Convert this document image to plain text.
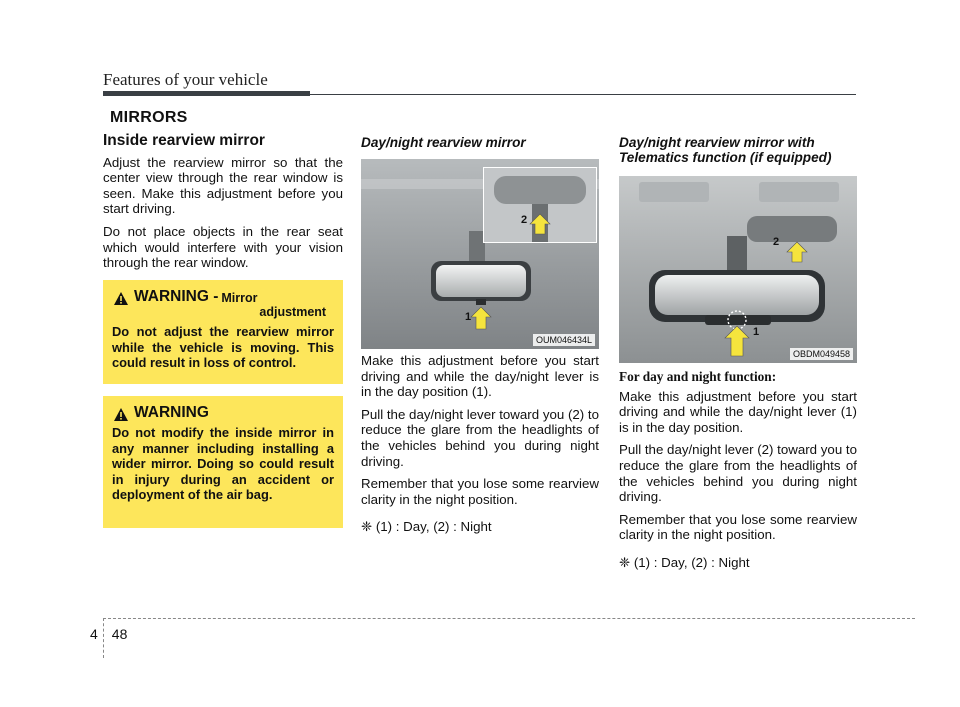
Features of your vehicle
MIRRORS
Inside rearview mirror

Adjust the rearview mirror so that the center view through the rear window is seen. Make this adjustment before you start driving.

Do not place objects in the rear seat which would interfere with your vision through the rear window.

WARNING - Mirror
adjustment
Do not adjust the rearview mirror while the vehicle is moving. This could result in loss of control.
WARNING
Do not modify the inside mirror in any manner including installing a wider mirror. Doing so could result in injury during an accident or deployment of the air bag.
Day/night rearview mirror
2
1
OUM046434L

Make this adjustment before you start driving and while the day/night lever is in the day position (1).

Pull the day/night lever toward you (2) to reduce the glare from the headlights of the vehicles behind you during night driving.

Remember that you lose some rearview clarity in the night position.

❈ (1) : Day, (2) : Night

Day/night rearview mirror with
Telematics function (if equipped)
2
1
OBDM049458
For day and night function:

Make this adjustment before you start driving and while the day/night lever (1) is in the day position.

Pull the day/night lever (2) toward you to reduce the glare from the headlights of the vehicles behind you during night driving.

Remember that you lose some rearview clarity in the night position.

❈ (1) : Day, (2) : Night

4 48
